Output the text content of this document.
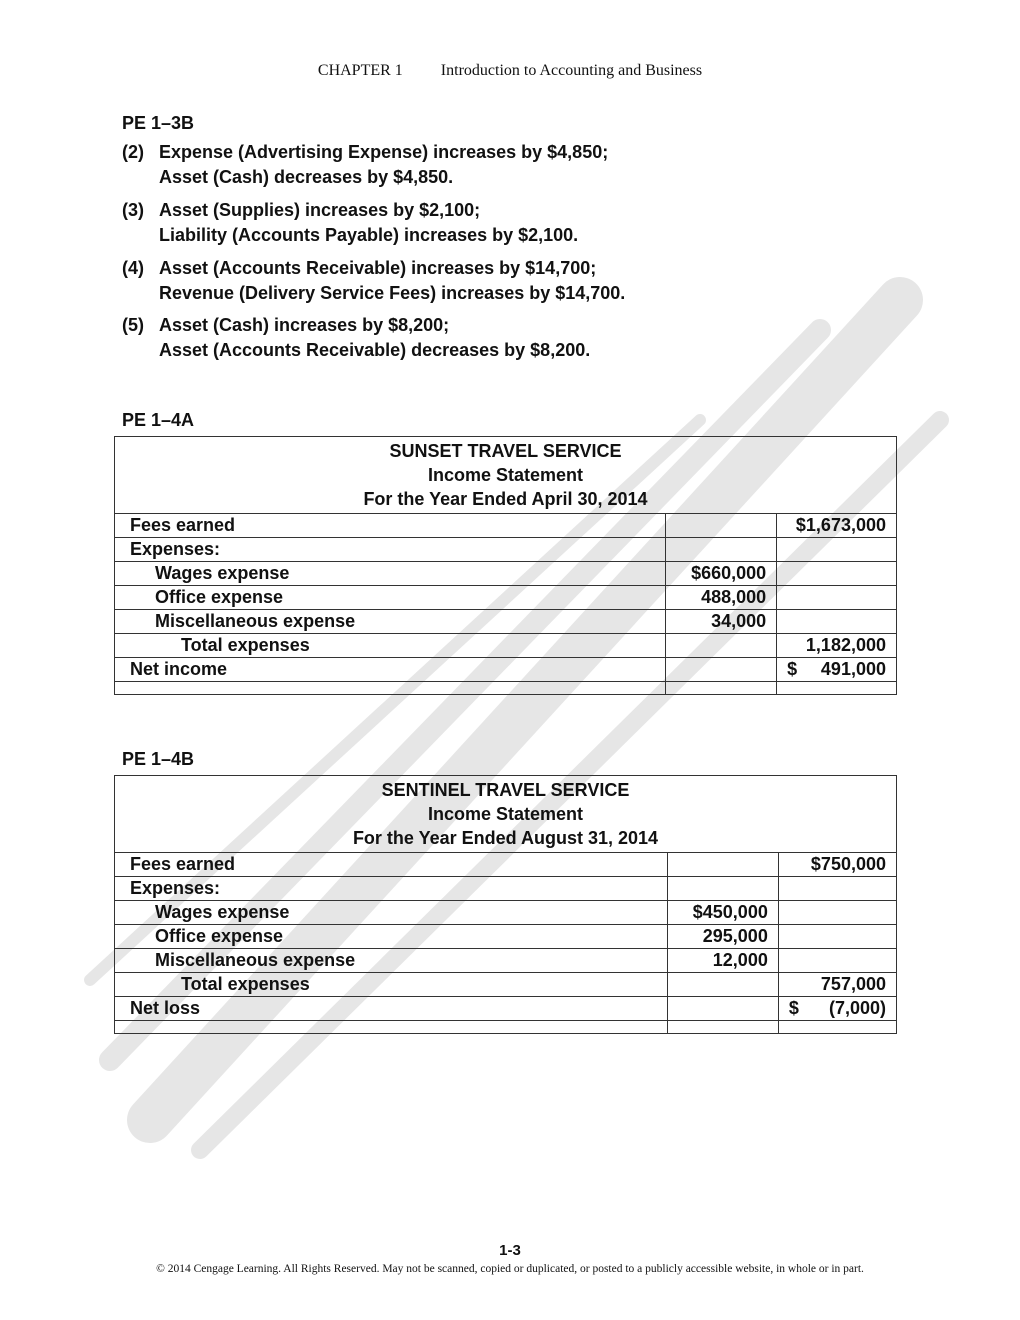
CHAPTER 1 Introduction to Accounting and Business
PE 1–3B
(2) Expense (Advertising Expense) increases by $4,850;
Asset (Cash) decreases by $4,850.
(3) Asset (Supplies) increases by $2,100;
Liability (Accounts Payable) increases by $2,100.
(4) Asset (Accounts Receivable) increases by $14,700;
Revenue (Delivery Service Fees) increases by $14,700.
(5) Asset (Cash) increases by $8,200;
Asset (Accounts Receivable) decreases by $8,200.
PE 1–4A
SUNSET TRAVEL SERVICE
Income Statement
For the Year Ended April 30, 2014		

Fees earned		$1,673,000
Expenses:		
Wages expense	$660,000	
Office expense	488,000	
Miscellaneous expense	34,000	
Total expenses		1,182,000
Net income		$ 491,000

PE 1–4B
SENTINEL TRAVEL SERVICE
Income Statement
For the Year Ended August 31, 2014		

Fees earned		$750,000
Expenses:		
Wages expense	$450,000	
Office expense	295,000	
Miscellaneous expense	12,000	
Total expenses		757,000
Net loss		$ (7,000)

1-3
© 2014 Cengage Learning. All Rights Reserved. May not be scanned, copied or duplicated, or posted to a publicly accessible website, in whole or in part.
